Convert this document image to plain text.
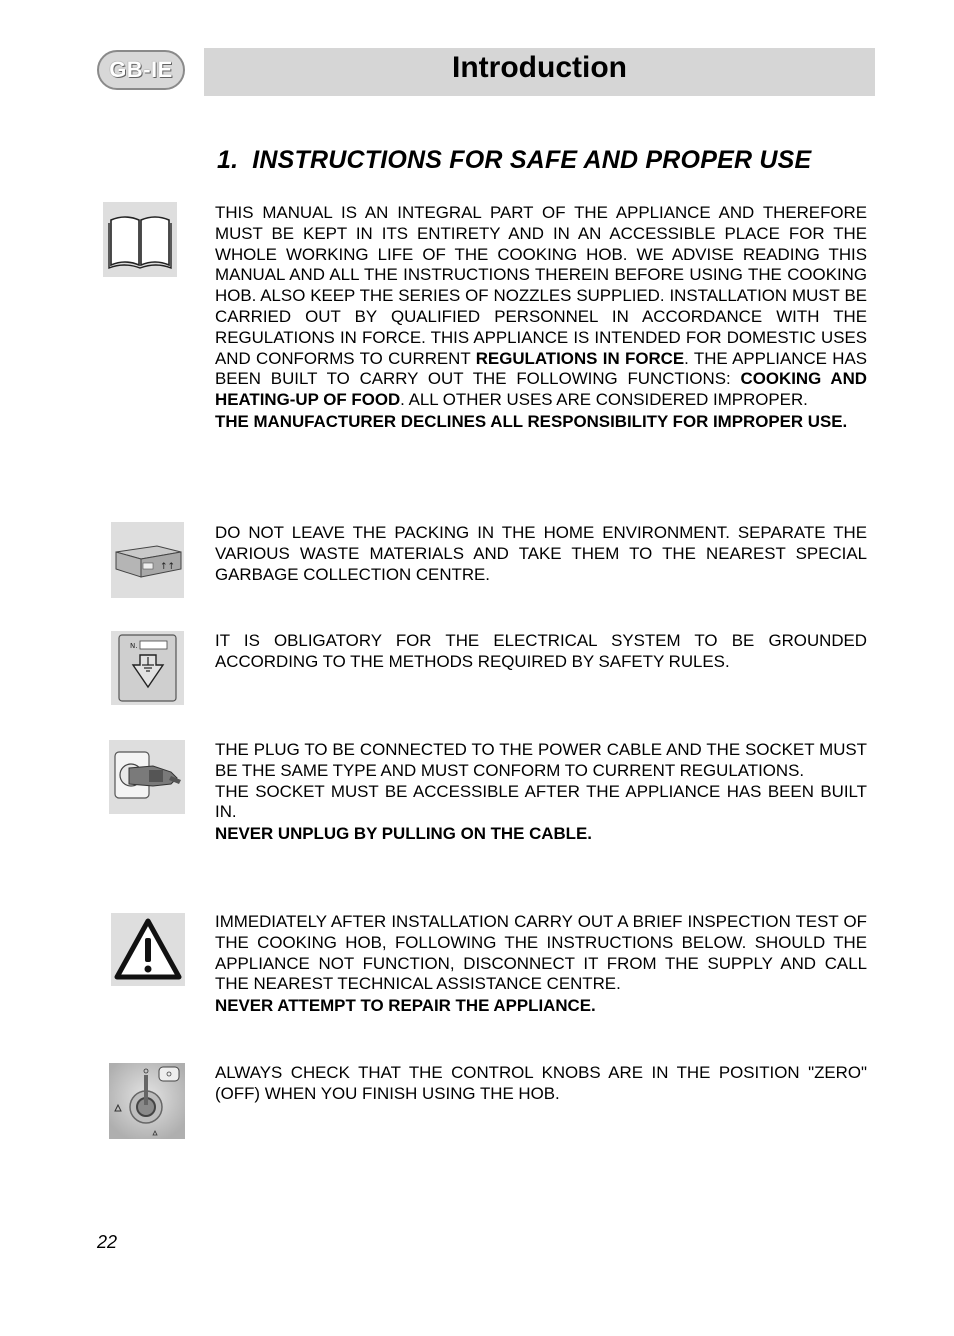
GB-IE	Introduction
1. INSTRUCTIONS FOR SAFE AND PROPER USE

THIS MANUAL IS AN INTEGRAL PART OF THE APPLIANCE AND THEREFORE MUST BE KEPT IN ITS ENTIRETY AND IN AN ACCESSIBLE PLACE FOR THE WHOLE WORKING LIFE OF THE COOKING HOB. WE ADVISE READING THIS MANUAL AND ALL THE INSTRUCTIONS THEREIN BEFORE USING THE COOKING HOB. ALSO KEEP THE SERIES OF NOZZLES SUPPLIED. INSTALLATION MUST BE CARRIED OUT BY QUALIFIED PERSONNEL IN ACCORDANCE WITH THE REGULATIONS IN FORCE. THIS APPLIANCE IS INTENDED FOR DOMESTIC USES AND CONFORMS TO CURRENT REGULATIONS IN FORCE. THE APPLIANCE HAS BEEN BUILT TO CARRY OUT THE FOLLOWING FUNCTIONS: COOKING AND HEATING-UP OF FOOD. ALL OTHER USES ARE CONSIDERED IMPROPER.

THE MANUFACTURER DECLINES ALL RESPONSIBILITY FOR IMPROPER USE.

↑↑

DO NOT LEAVE THE PACKING IN THE HOME ENVIRONMENT. SEPARATE THE VARIOUS WASTE MATERIALS AND TAKE THEM TO THE NEAREST SPECIAL GARBAGE COLLECTION CENTRE.

N.	IT IS OBLIGATORY FOR THE ELECTRICAL SYSTEM TO BE GROUNDED ACCORDING TO THE METHODS REQUIRED BY SAFETY RULES.

THE PLUG TO BE CONNECTED TO THE POWER CABLE AND THE SOCKET MUST BE THE SAME TYPE AND MUST CONFORM TO CURRENT REGULATIONS.

THE SOCKET MUST BE ACCESSIBLE AFTER THE APPLIANCE HAS BEEN BUILT IN.

NEVER UNPLUG BY PULLING ON THE CABLE.

IMMEDIATELY AFTER INSTALLATION CARRY OUT A BRIEF INSPECTION TEST OF THE COOKING HOB, FOLLOWING THE INSTRUCTIONS BELOW. SHOULD THE APPLIANCE NOT FUNCTION, DISCONNECT IT FROM THE SUPPLY AND CALL THE NEAREST TECHNICAL ASSISTANCE CENTRE.

NEVER ATTEMPT TO REPAIR THE APPLIANCE.

ALWAYS CHECK THAT THE CONTROL KNOBS ARE IN THE POSITION "ZERO" (OFF) WHEN YOU FINISH USING THE HOB.

22
